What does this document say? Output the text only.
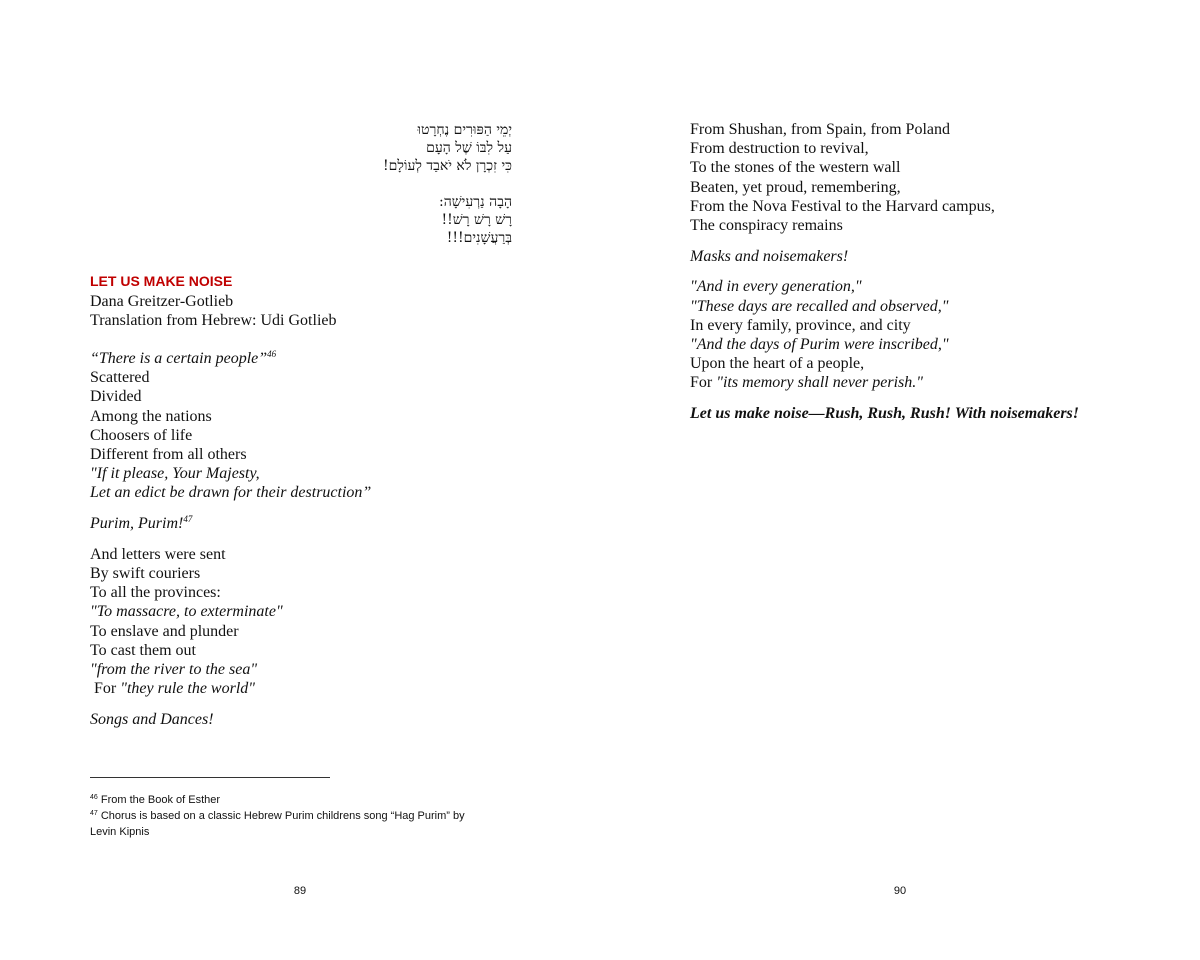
יְמֵי הַפּוּרִים נֶחְרָטוּ
עַל לִבּוֹ שֶׁל הָעָם
כִּי זִכְרָן לֹא יֹאבַד לְעוֹלָם!
הָבָה נַרְעִישָׁה:
רָשׁ רָשׁ רָשׁ!!
בְּרַעֲשָׁנִים!!!
LET US MAKE NOISE
Dana Greitzer-Gotlieb
Translation from Hebrew: Udi Gotlieb
“There is a certain people”$^{46}$
Scattered
Divided
Among the nations
Choosers of life
Different from all others
"If it please, Your Majesty,
Let an edict be drawn for their destruction”
Purim, Purim!$^{47}$
And letters were sent
By swift couriers
To all the provinces:
"To massacre, to exterminate"
To enslave and plunder
To cast them out
"from the river to the sea"
For "they rule the world"
Songs and Dances!
$^{46}$ From the Book of Esther
$^{47}$ Chorus is based on a classic Hebrew Purim childrens song “Hag Purim” by
Levin Kipnis
89
From Shushan, from Spain, from Poland
From destruction to revival,
To the stones of the western wall
Beaten, yet proud, remembering,
From the Nova Festival to the Harvard campus,
The conspiracy remains
Masks and noisemakers!
"And in every generation,"
"These days are recalled and observed,"
In every family, province, and city
"And the days of Purim were inscribed,"
Upon the heart of a people,
For "its memory shall never perish."
Let us make noise—Rush, Rush, Rush! With noisemakers!
90
